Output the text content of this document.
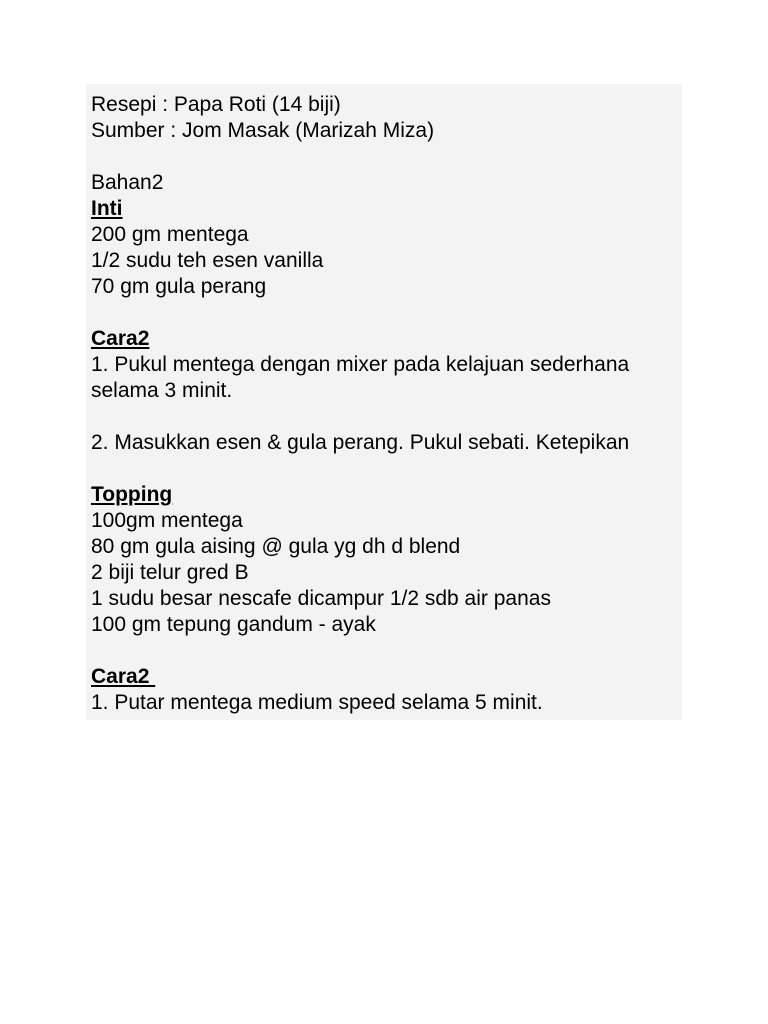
Resepi : Papa Roti (14 biji)
Sumber : Jom Masak (Marizah Miza)
Bahan2
Inti
200 gm mentega
1/2 sudu teh esen vanilla
70 gm gula perang
Cara2
1. Pukul mentega dengan mixer pada kelajuan sederhana
selama 3 minit.
2. Masukkan esen & gula perang. Pukul sebati. Ketepikan
Topping
100gm mentega
80 gm gula aising @ gula yg dh d blend
2 biji telur gred B
1 sudu besar nescafe dicampur 1/2 sdb air panas
100 gm tepung gandum - ayak
Cara2
1. Putar mentega medium speed selama 5 minit.
